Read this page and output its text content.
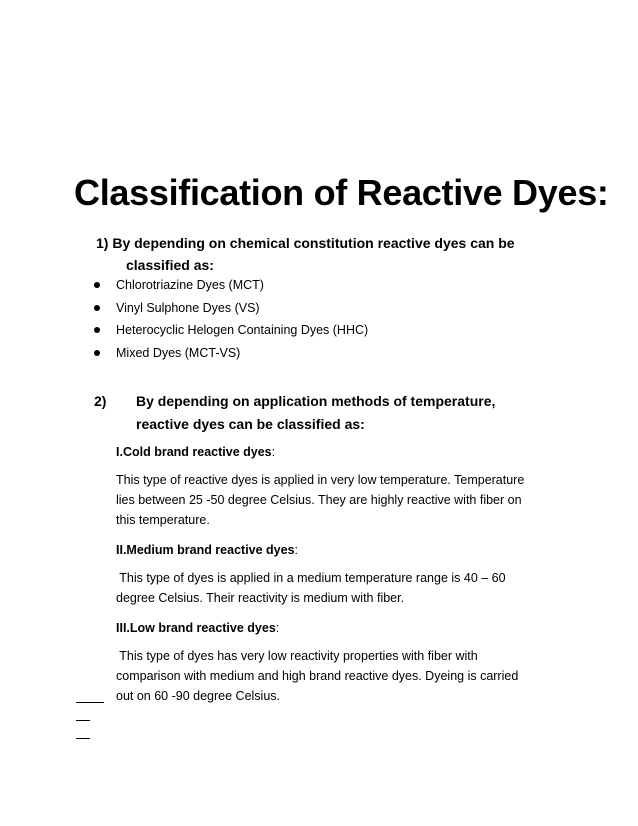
Classification of Reactive Dyes:

1) By depending on chemical constitution reactive dyes can be
classified as:

Chlorotriazine Dyes (MCT)
Vinyl Sulphone Dyes (VS)
Heterocyclic Helogen Containing Dyes (HHC)
Mixed Dyes (MCT-VS)

2) By depending on application methods of temperature,
reactive dyes can be classified as:

I.Cold brand reactive dyes:

This type of reactive dyes is applied in very low temperature. Temperature
lies between 25 -50 degree Celsius. They are highly reactive with fiber on
this temperature.

II.Medium brand reactive dyes:

This type of dyes is applied in a medium temperature range is 40 – 60
degree Celsius. Their reactivity is medium with fiber.

III.Low brand reactive dyes:

This type of dyes has very low reactivity properties with fiber with
comparison with medium and high brand reactive dyes. Dyeing is carried
out on 60 -90 degree Celsius.
